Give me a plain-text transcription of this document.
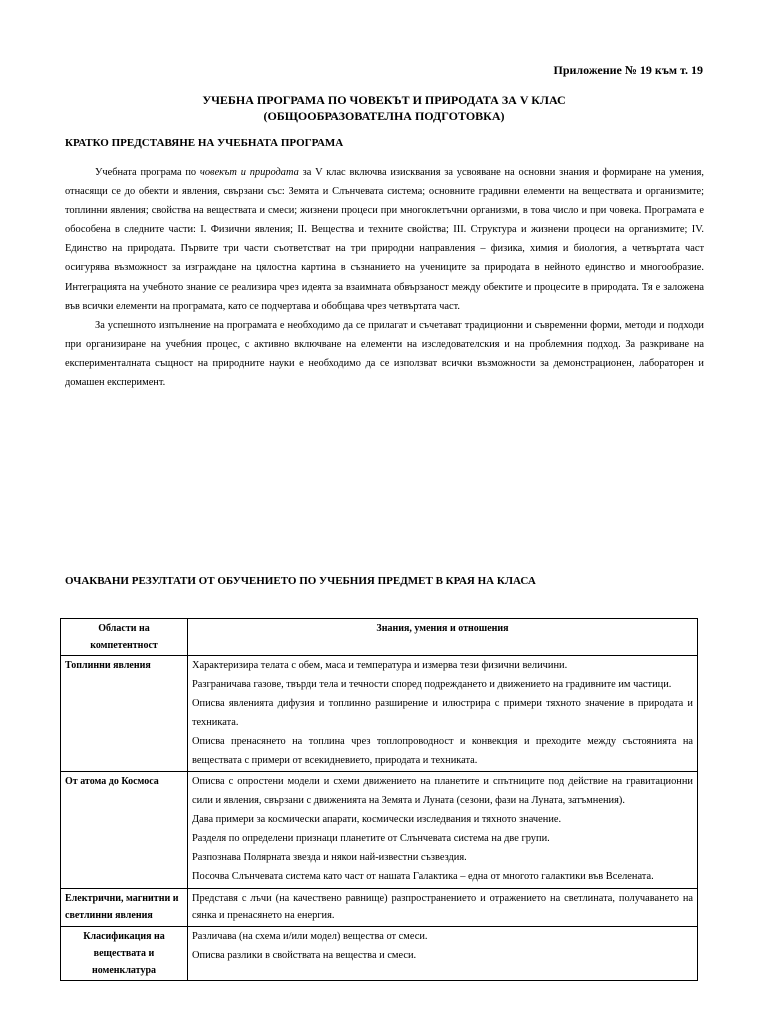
Приложение № 19 към т. 19
УЧЕБНА ПРОГРАМА ПО ЧОВЕКЪТ И ПРИРОДАТА ЗА V КЛАС
(ОБЩООБРАЗОВАТЕЛНА ПОДГОТОВКА)
КРАТКО ПРЕДСТАВЯНЕ НА УЧЕБНАТА ПРОГРАМА

Учебната програма по човекът и природата за V клас включва изисквания за усвояване на основни знания и формиране на умения, отнасящи се до обекти и явления, свързани със: Земята и Слънчевата система; основните градивни елементи на веществата и организмите; топлинни явления; свойства на веществата и смеси; жизнени процеси при многоклетъчни организми, в това число и при човека. Програмата е обособена в следните части: I. Физични явления; II. Вещества и техните свойства; III. Структура и жизнени процеси на организмите; IV. Единство на природата. Първите три части съответстват на три природни направления – физика, химия и биология, а четвъртата част осигурява възможност за изграждане на цялостна картина в съзнанието на учениците за природата в нейното единство и многообразие. Интеграцията на учебното знание се реализира чрез идеята за взаимната обвързаност между обектите и процесите в природата. Тя е заложена във всички елементи на програмата, като се подчертава и обобщава чрез четвъртата част.

За успешното изпълнение на програмата е необходимо да се прилагат и съчетават традиционни и съвременни форми, методи и подходи при организиране на учебния процес, с активно включване на елементи на изследователския и на проблемния подход. За разкриване на експерименталната същност на природните науки е необходимо да се използват всички възможности за демонстрационен, лабораторен и домашен експеримент.

ОЧАКВАНИ РЕЗУЛТАТИ ОТ ОБУЧЕНИЕТО ПО УЧЕБНИЯ ПРЕДМЕТ В КРАЯ НА КЛАСА
Области на компетентност	Знания, умения и отношения
Топлинни явления	Характеризира телата с обем, маса и температура и измерва тези физични величини.
Разграничава газове, твърди тела и течности според подреждането и движението на градивните им частици.
Описва явленията дифузия и топлинно разширение и илюстрира с примери тяхното значение в природата и техниката.
Описва пренасянето на топлина чрез топлопроводност и конвекция и преходите между състоянията на веществата с примери от всекидневието, природата и техниката.

От атома до Космоса	Описва с опростени модели и схеми движението на планетите и спътниците под действие на гравитационни сили и явления, свързани с движенията на Земята и Луната (сезони, фази на Луната, затъмнения).
Дава примери за космически апарати, космически изследвания и тяхното значение.
Разделя по определени признаци планетите от Слънчевата система на две групи.
Разпознава Полярната звезда и някои най-известни съзвездия.
Посочва Слънчевата система като част от нашата Галактика – една от многото галактики във Вселената.

Електрични, магнитни и светлинни явления	Представя с лъчи (на качествено равнище) разпространението и отражението на светлината, получаването на сянка и пренасянето на енергия.

Класификация на веществата и номенклатура	Различава (на схема и/или модел) вещества от смеси.
Описва разлики в свойствата на вещества и смеси.
